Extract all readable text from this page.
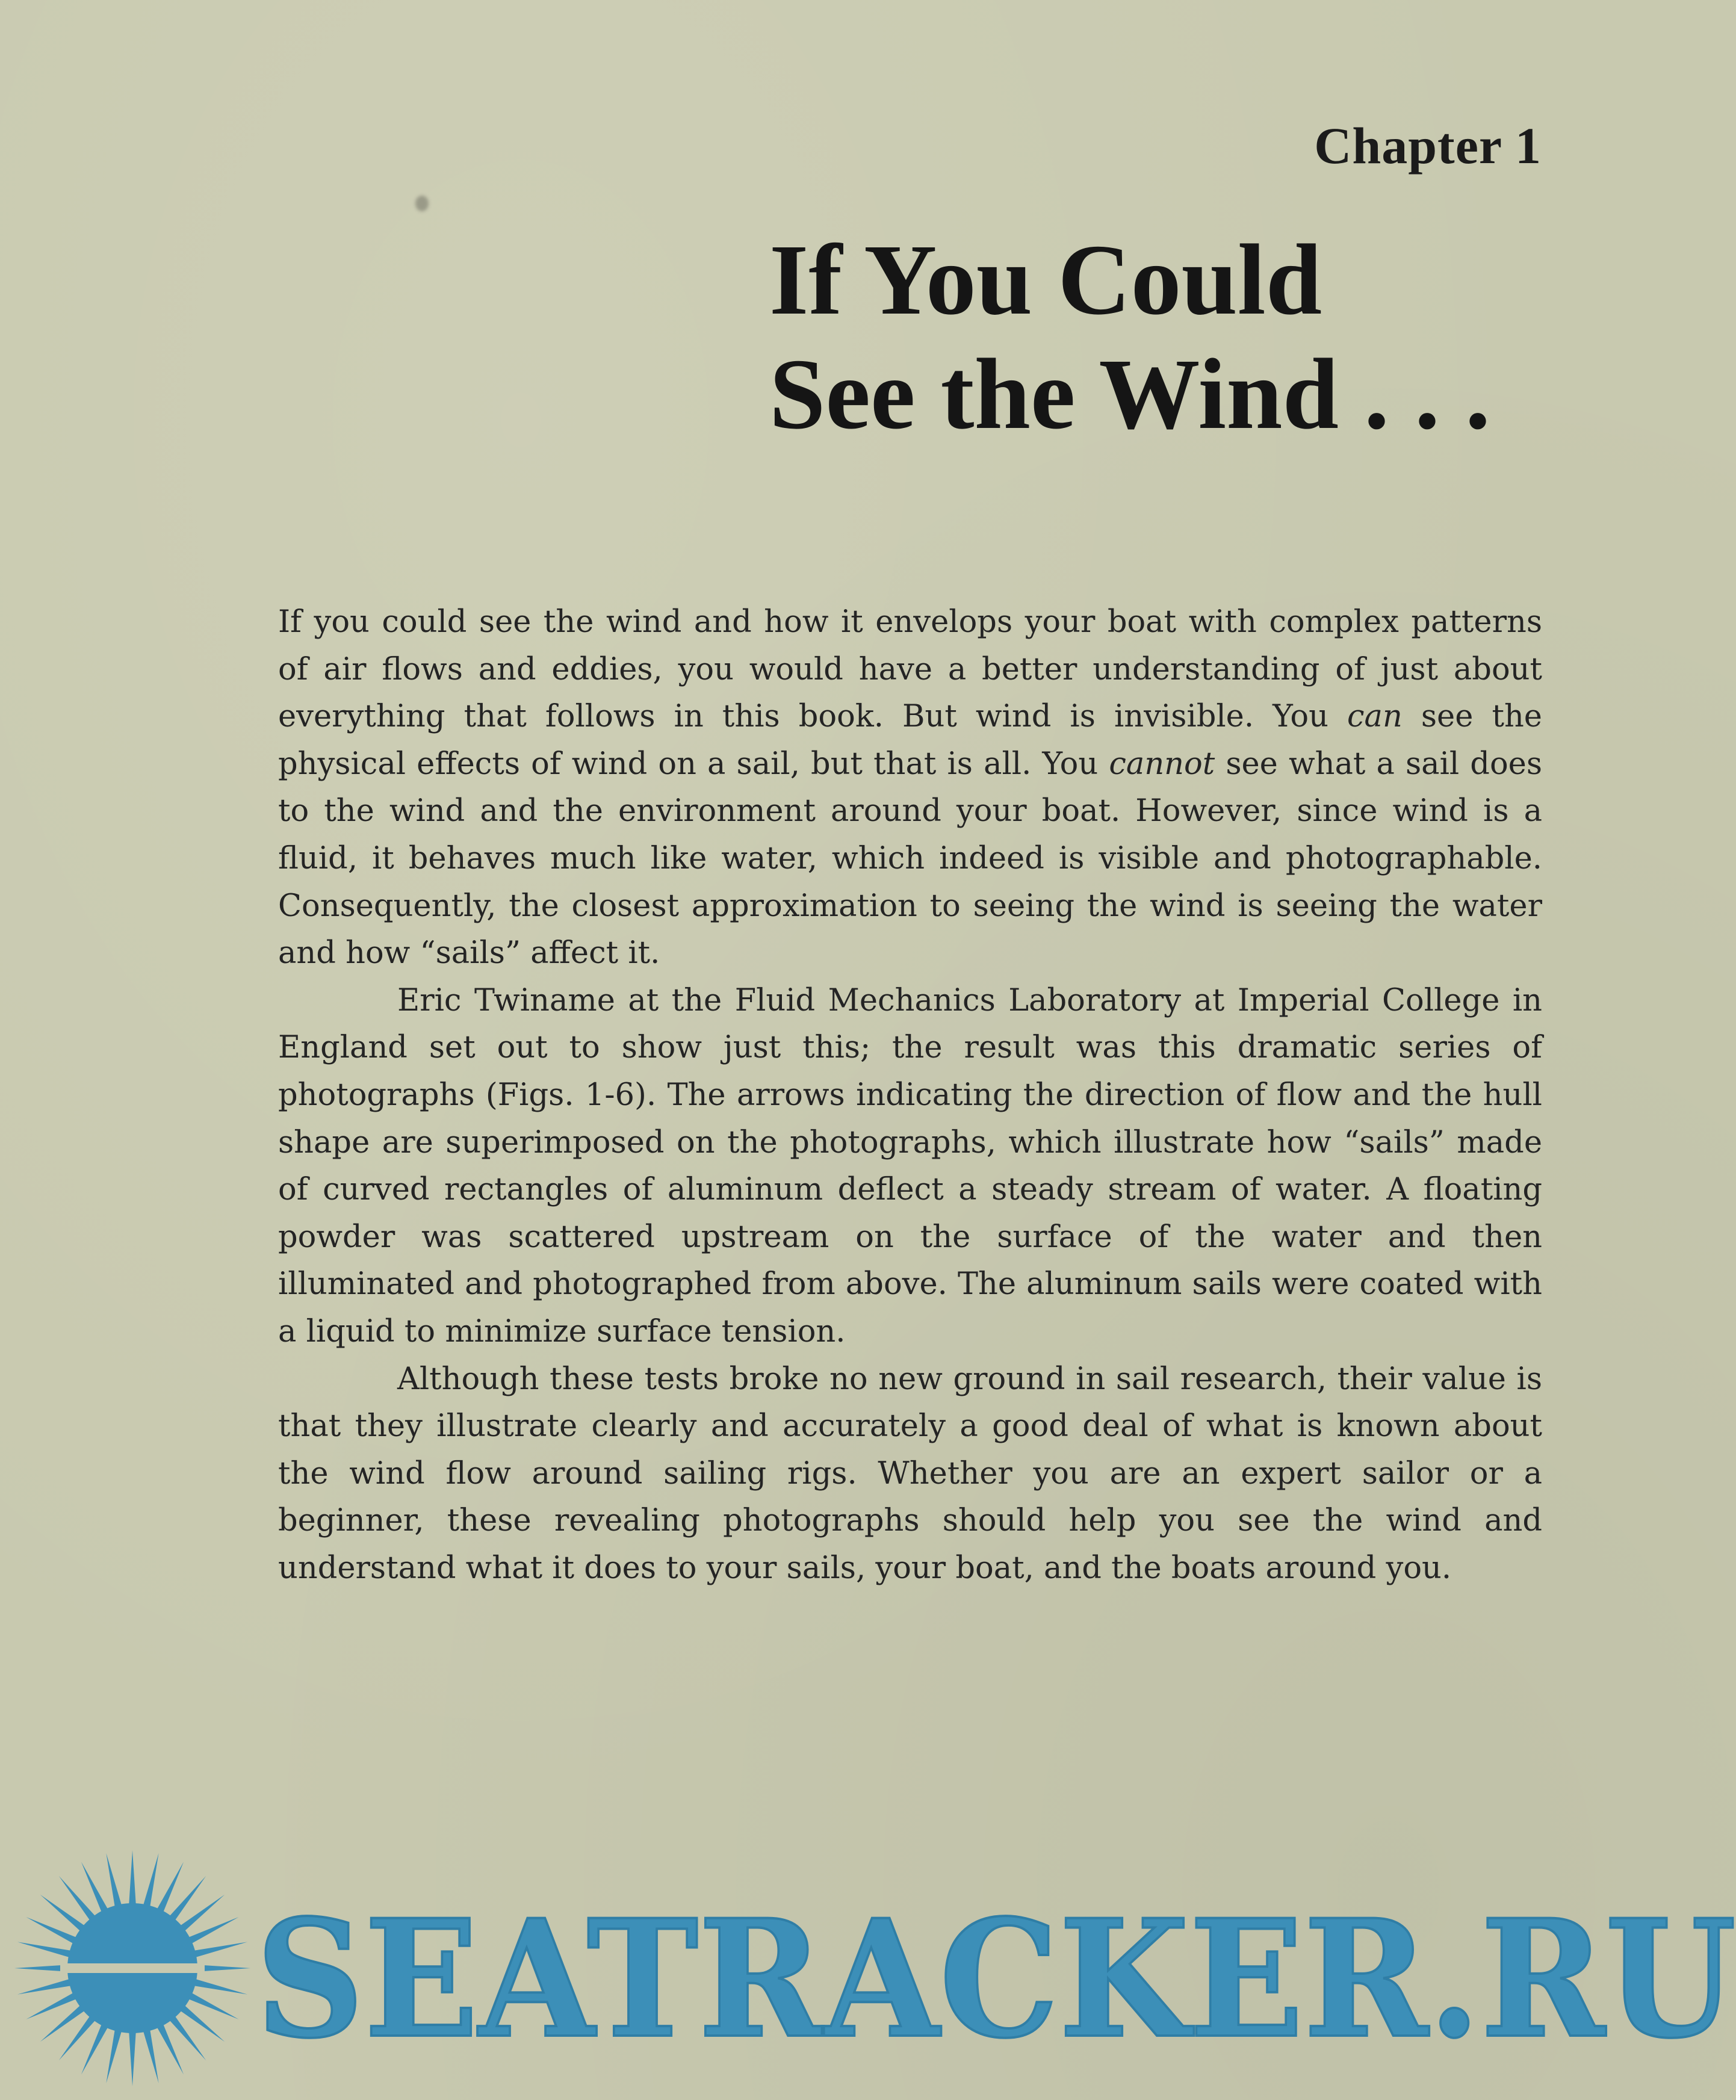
Chapter 1
If You Could
See the Wind . . .

If you could see the wind and how it envelops your boat with complex patterns of air flows and eddies, you would have a better understanding of just about everything that follows in this book. But wind is invisible. You can see the physical effects of wind on a sail, but that is all. You cannot see what a sail does to the wind and the environment around your boat. However, since wind is a fluid, it behaves much like water, which indeed is visible and photographable. Consequently, the closest approximation to seeing the wind is seeing the water and how “sails” affect it.

Eric Twiname at the Fluid Mechanics Laboratory at Imperial College in England set out to show just this; the result was this dramatic series of photographs (Figs. 1-6). The arrows indicating the direction of flow and the hull shape are superimposed on the photographs, which illustrate how “sails” made of curved rectangles of aluminum deflect a steady stream of water. A floating powder was scattered upstream on the surface of the water and then illuminated and photographed from above. The aluminum sails were coated with a liquid to minimize surface tension.

Although these tests broke no new ground in sail research, their value is that they illustrate clearly and accurately a good deal of what is known about the wind flow around sailing rigs. Whether you are an expert sailor or a beginner, these revealing photographs should help you see the wind and understand what it does to your sails, your boat, and the boats around you.

SEATRACKER.RU
